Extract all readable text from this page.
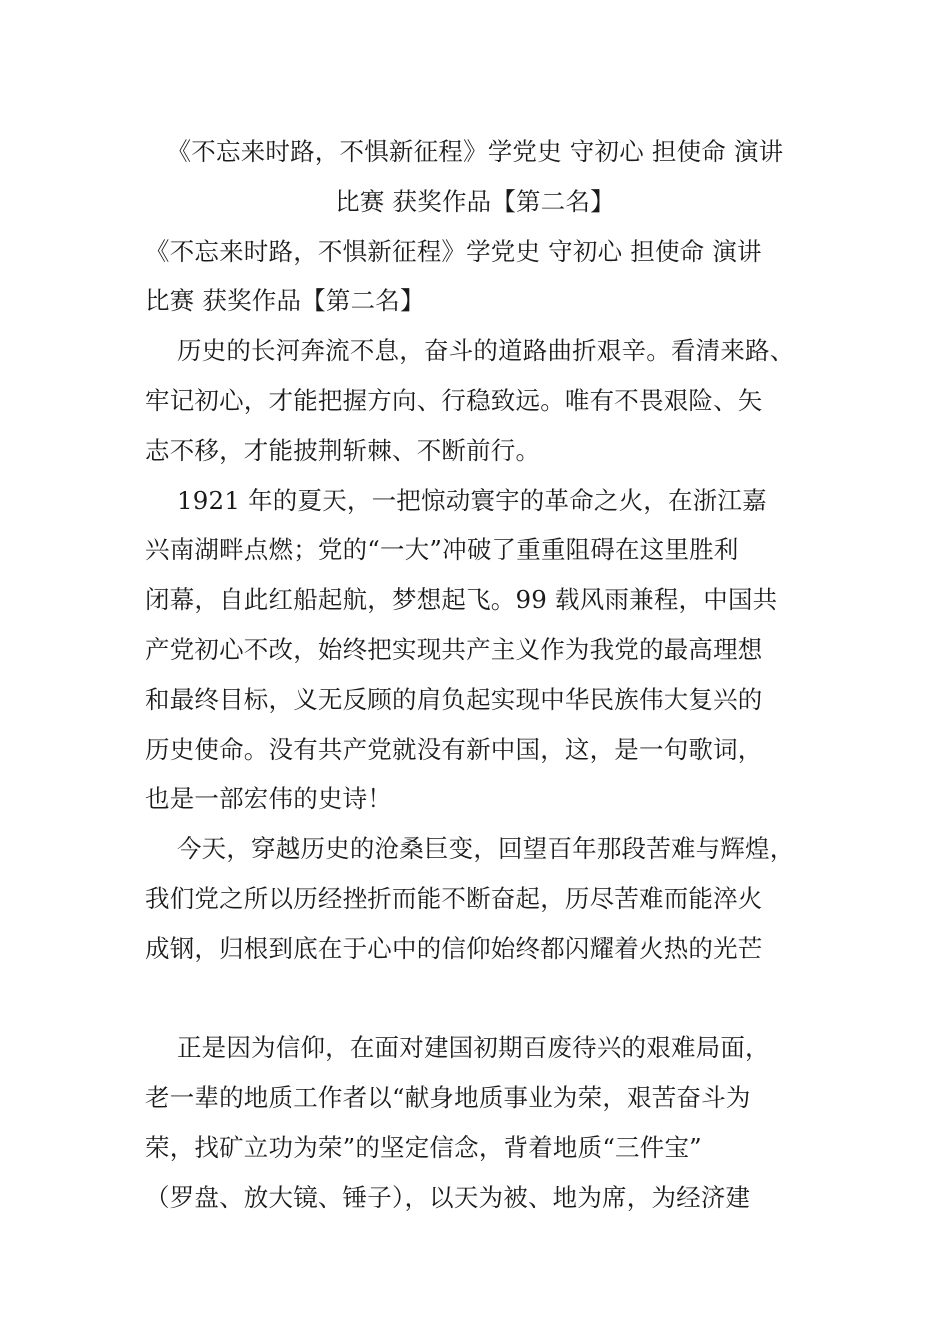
《不忘来时路，不惧新征程》学党史 守初心 担使命 演讲
比赛 获奖作品【第二名】
《不忘来时路，不惧新征程》学党史 守初心 担使命 演讲
比赛 获奖作品【第二名】
历史的长河奔流不息，奋斗的道路曲折艰辛。看清来路、
牢记初心，才能把握方向、行稳致远。唯有不畏艰险、矢
志不移，才能披荆斩棘、不断前行。
1921 年的夏天，一把惊动寰宇的革命之火，在浙江嘉
兴南湖畔点燃；党的“一大”冲破了重重阻碍在这里胜利
闭幕，自此红船起航，梦想起飞。99 载风雨兼程，中国共
产党初心不改，始终把实现共产主义作为我党的最高理想
和最终目标，义无反顾的肩负起实现中华民族伟大复兴的
历史使命。没有共产党就没有新中国，这，是一句歌词，
也是一部宏伟的史诗！
今天，穿越历史的沧桑巨变，回望百年那段苦难与辉煌，
我们党之所以历经挫折而能不断奋起，历尽苦难而能淬火
成钢，归根到底在于心中的信仰始终都闪耀着火热的光芒
正是因为信仰，在面对建国初期百废待兴的艰难局面，
老一辈的地质工作者以“献身地质事业为荣，艰苦奋斗为
荣，找矿立功为荣”的坚定信念，背着地质“三件宝”
（罗盘、放大镜、锤子），以天为被、地为席，为经济建
